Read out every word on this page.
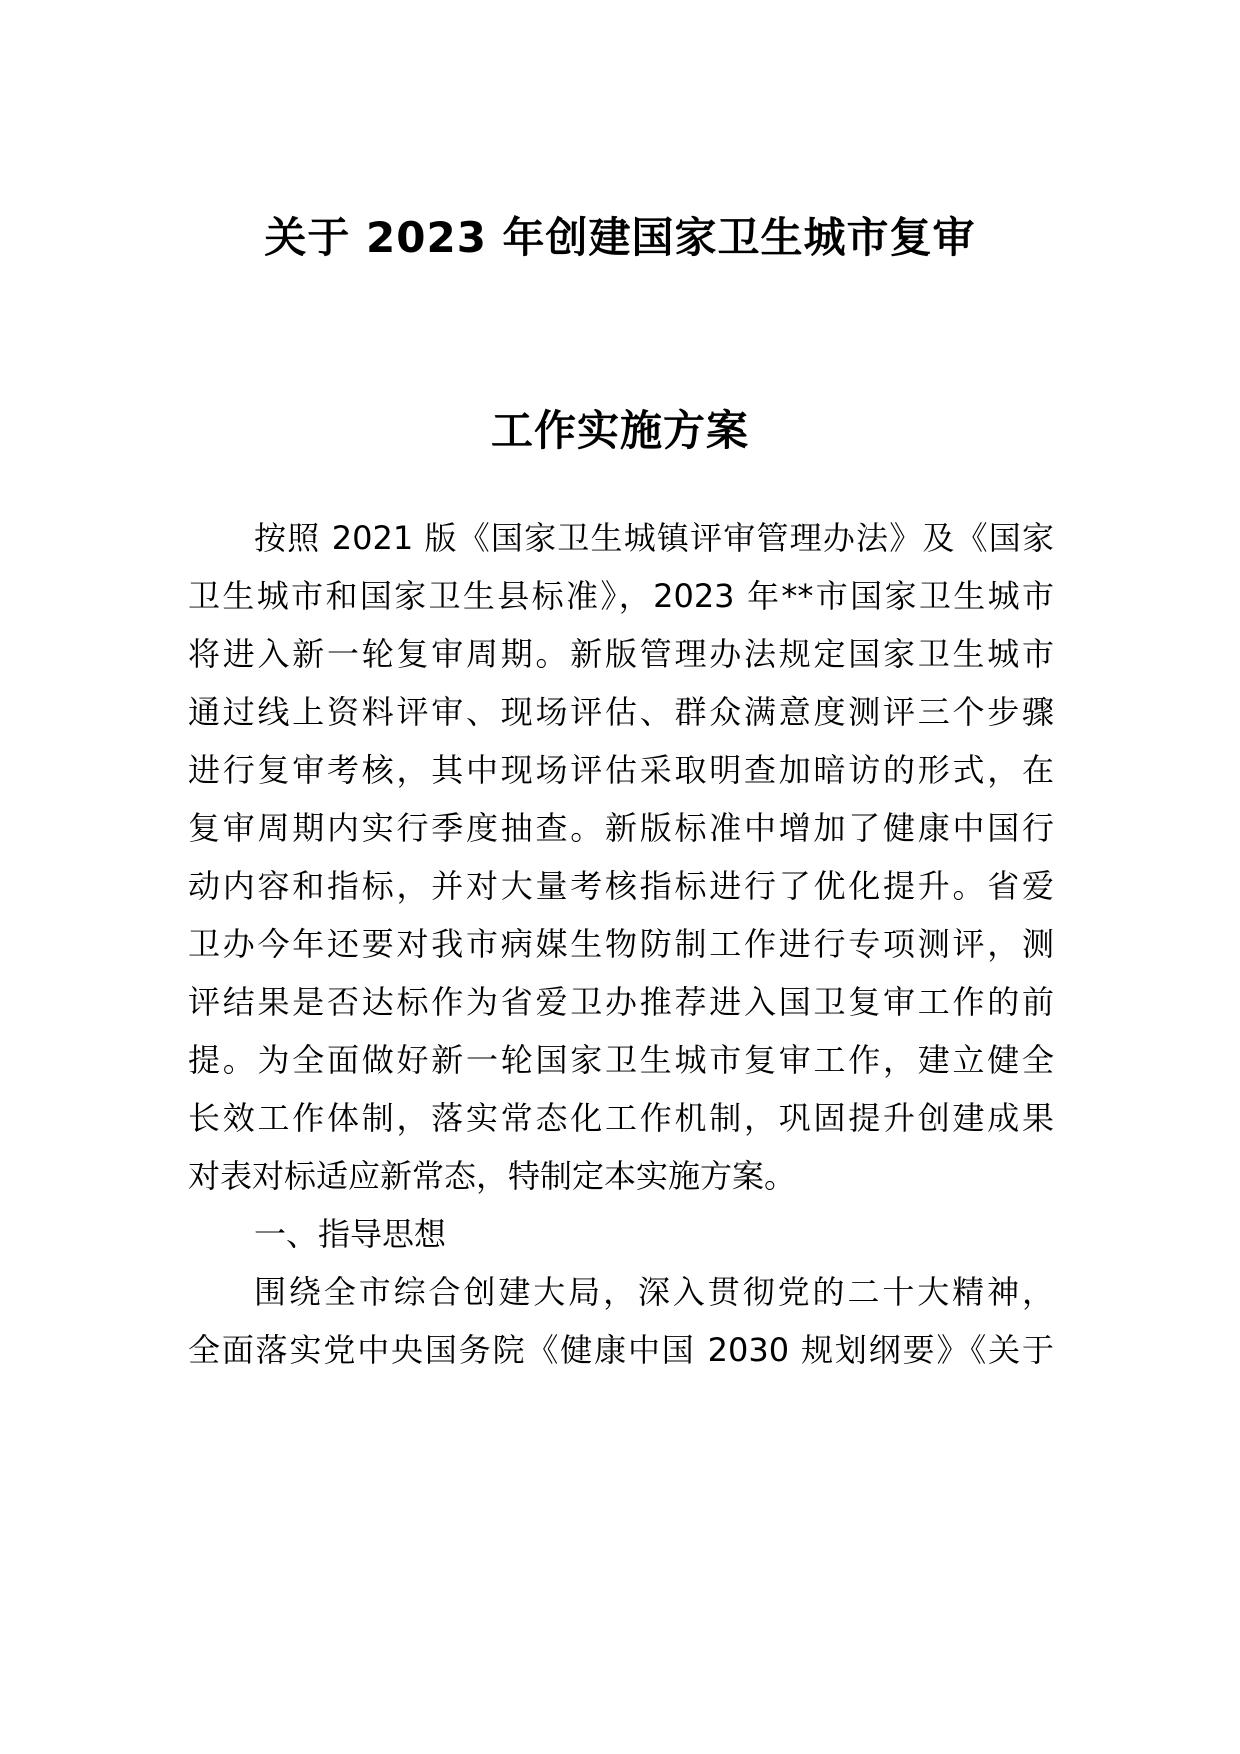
关于 2023 年创建国家卫生城市复审
工作实施方案

按照 2021 版《国家卫生城镇评审管理办法》及《国家

卫生城市和国家卫生县标准》，2023 年**市国家卫生城市

将进入新一轮复审周期。新版管理办法规定国家卫生城市

通过线上资料评审、现场评估、群众满意度测评三个步骤

进行复审考核，其中现场评估采取明查加暗访的形式，在

复审周期内实行季度抽查。新版标准中增加了健康中国行

动内容和指标，并对大量考核指标进行了优化提升。省爱

卫办今年还要对我市病媒生物防制工作进行专项测评，测

评结果是否达标作为省爱卫办推荐进入国卫复审工作的前

提。为全面做好新一轮国家卫生城市复审工作，建立健全

长效工作体制，落实常态化工作机制，巩固提升创建成果

对表对标适应新常态，特制定本实施方案。

一、指导思想

围绕全市综合创建大局，深入贯彻党的二十大精神，

全面落实党中央国务院《健康中国 2030 规划纲要》《关于
